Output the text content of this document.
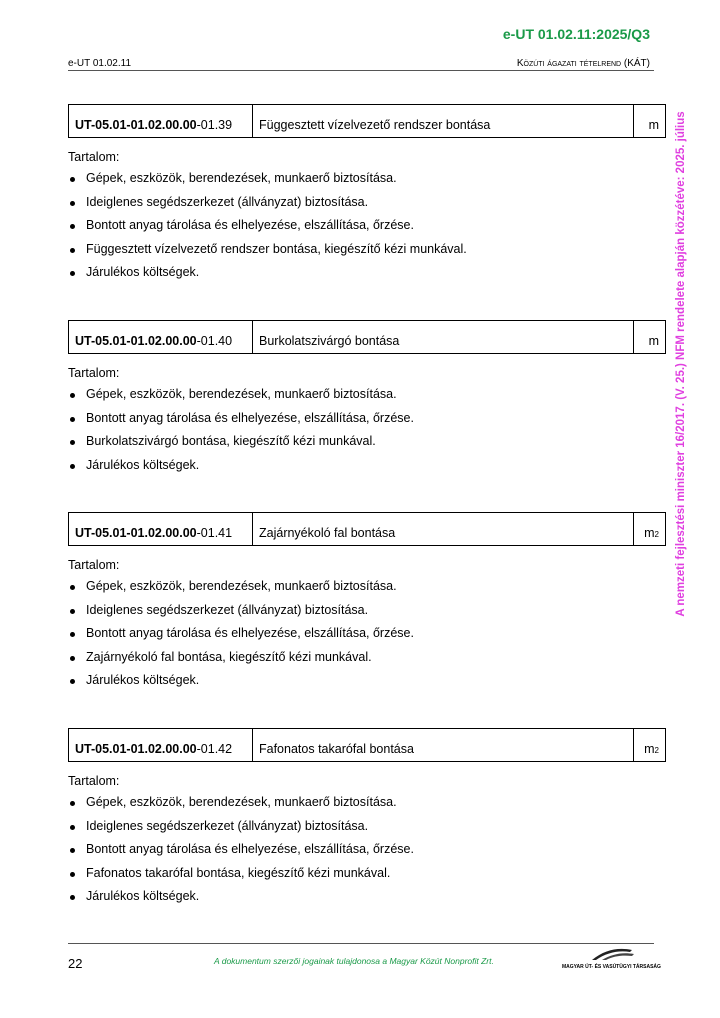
e-UT 01.02.11:2025/Q3
e-UT 01.02.11	Közúti ágazati tételrend (KÁT)
A nemzeti fejlesztési miniszter 16/2017. (V. 25.) NFM rendelete alapján közzétéve: 2025. július
UT-05.01-01.02.00.00 -01.39	Függesztett vízelvezető rendszer bontása	m
Tartalom:
Gépek, eszközök, berendezések, munkaerő biztosítása.
Ideiglenes segédszerkezet (állványzat) biztosítása.
Bontott anyag tárolása és elhelyezése, elszállítása, őrzése.
Függesztett vízelvezető rendszer bontása, kiegészítő kézi munkával.
Járulékos költségek.
UT-05.01-01.02.00.00 -01.40	Burkolatszivárgó bontása	m
Tartalom:
Gépek, eszközök, berendezések, munkaerő biztosítása.
Bontott anyag tárolása és elhelyezése, elszállítása, őrzése.
Burkolatszivárgó bontása, kiegészítő kézi munkával.
Járulékos költségek.
UT-05.01-01.02.00.00 -01.41	Zajárnyékoló fal bontása	$m^2$
Tartalom:
Gépek, eszközök, berendezések, munkaerő biztosítása.
Ideiglenes segédszerkezet (állványzat) biztosítása.
Bontott anyag tárolása és elhelyezése, elszállítása, őrzése.
Zajárnyékoló fal bontása, kiegészítő kézi munkával.
Járulékos költségek.
UT-05.01-01.02.00.00 -01.42	Fafonatos takarófal bontása	$m^2$
Tartalom:
Gépek, eszközök, berendezések, munkaerő biztosítása.
Ideiglenes segédszerkezet (állványzat) biztosítása.
Bontott anyag tárolása és elhelyezése, elszállítása, őrzése.
Fafonatos takarófal bontása, kiegészítő kézi munkával.
Járulékos költségek.
22	A dokumentum szerzői jogainak tulajdonosa a Magyar Közút Nonprofit Zrt.
MAGYAR ÚT- ÉS VASÚTÜGYI TÁRSASÁG
